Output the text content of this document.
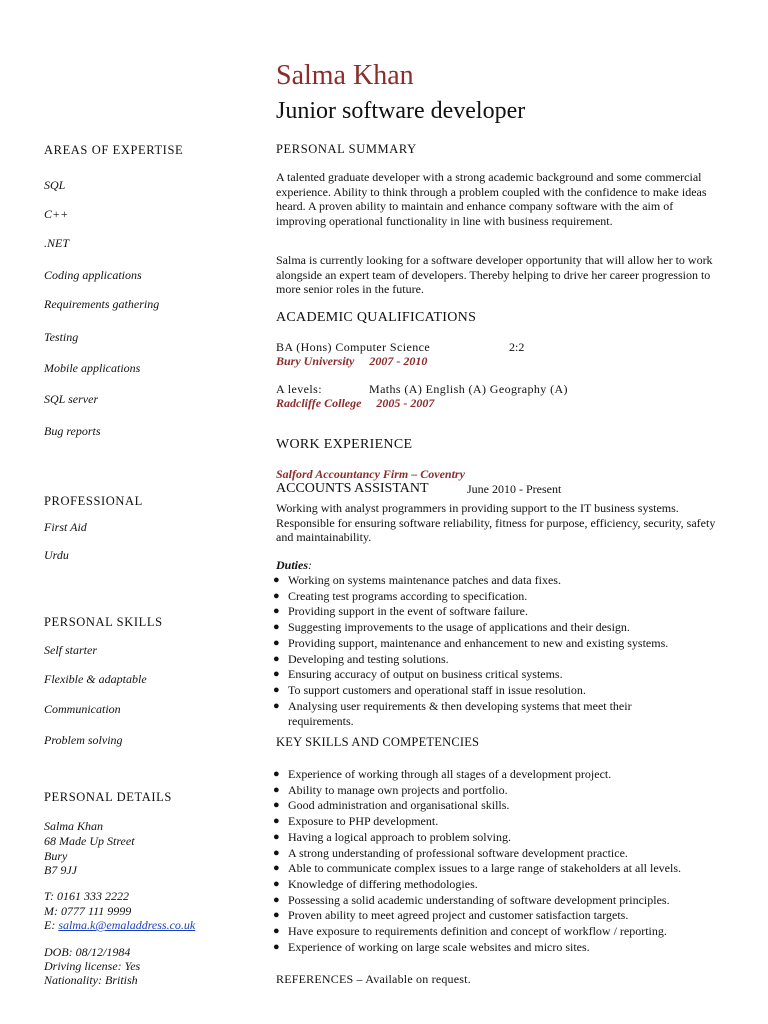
Salma Khan
Junior software developer
AREAS OF EXPERTISE
SQL
C++
.NET
Coding applications
Requirements gathering
Testing
Mobile applications
SQL server
Bug reports
PROFESSIONAL
First Aid
Urdu
PERSONAL SKILLS
Self starter
Flexible & adaptable
Communication
Problem solving
PERSONAL DETAILS
Salma Khan
68 Made Up Street
Bury
B7 9JJ
T: 0161 333 2222
M: 0777 111 9999
E: salma.k@emaladdress.co.uk
DOB: 08/12/1984
Driving license: Yes
Nationality: British
PERSONAL SUMMARY
A talented graduate developer with a strong academic background and some commercial experience. Ability to think through a problem coupled with the confidence to make ideas heard. A proven ability to maintain and enhance company software with the aim of improving operational functionality in line with business requirement.
Salma is currently looking for a software developer opportunity that will allow her to work alongside an expert team of developers. Thereby helping to drive her career progression to more senior roles in the future.
ACADEMIC QUALIFICATIONS
BA (Hons) Computer Science	2:2
Bury University     2007 - 2010
A levels:	Maths (A) English (A) Geography (A)
Radcliffe College     2005 - 2007
WORK EXPERIENCE
Salford Accountancy Firm – Coventry
ACCOUNTS ASSISTANT	June 2010 - Present
Working with analyst programmers in providing support to the IT business systems. Responsible for ensuring software reliability, fitness for purpose, efficiency, security, safety and maintainability.
Duties:
● Working on systems maintenance patches and data fixes.
● Creating test programs according to specification.
● Providing support in the event of software failure.
● Suggesting improvements to the usage of applications and their design.
● Providing support, maintenance and enhancement to new and existing systems.
● Developing and testing solutions.
● Ensuring accuracy of output on business critical systems.
● To support customers and operational staff in issue resolution.
● Analysing user requirements & then developing systems that meet their requirements.
KEY SKILLS AND COMPETENCIES
● Experience of working through all stages of a development project.
● Ability to manage own projects and portfolio.
● Good administration and organisational skills.
● Exposure to PHP development.
● Having a logical approach to problem solving.
● A strong understanding of professional software development practice.
● Able to communicate complex issues to a large range of stakeholders at all levels.
● Knowledge of differing methodologies.
● Possessing a solid academic understanding of software development principles.
● Proven ability to meet agreed project and customer satisfaction targets.
● Have exposure to requirements definition and concept of workflow / reporting.
● Experience of working on large scale websites and micro sites.
REFERENCES – Available on request.
